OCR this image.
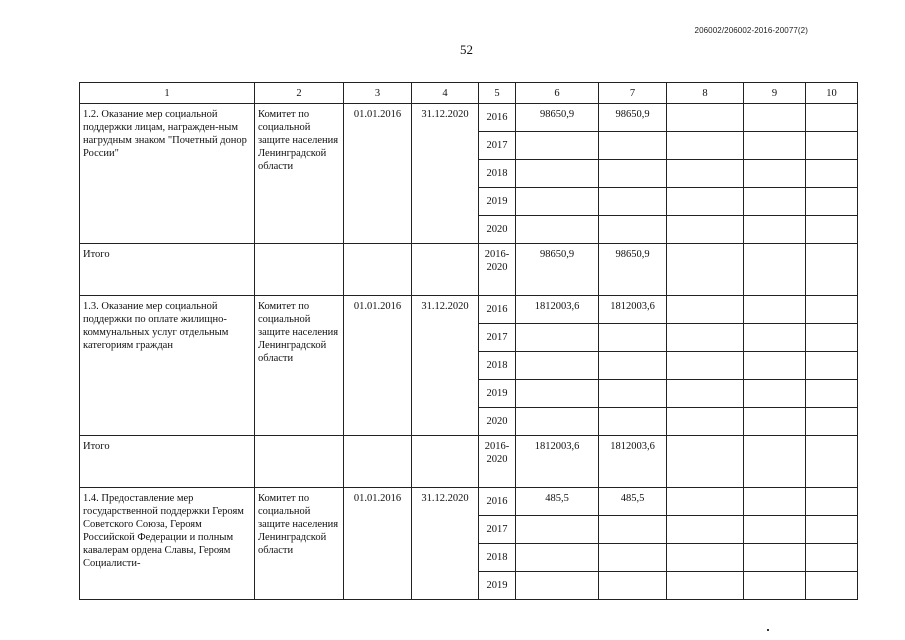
206002/206002-2016-20077(2)
52
1	2	3	4	5	6	7	8	9	10
1.2. Оказание мер социальной поддержки лицам, награжден-ным нагрудным знаком "Почетный донор России"	Комитет по социальной защите населения Ленинградской области	01.01.2016	31.12.2020	2016	98650,9	98650,9			
				2017					
				2018					
				2019					
				2020					
Итого				2016-2020	98650,9	98650,9			
1.3. Оказание мер социальной поддержки по оплате жилищно-коммунальных услуг отдельным категориям граждан	Комитет по социальной защите населения Ленинградской области	01.01.2016	31.12.2020	2016	1812003,6	1812003,6			
				2017					
				2018					
				2019					
				2020					
Итого				2016-2020	1812003,6	1812003,6			
1.4. Предоставление мер государственной поддержки Героям Советского Союза, Героям Российской Федерации и полным кавалерам ордена Славы, Героям Социалисти-	Комитет по социальной защите населения Ленинградской области	01.01.2016	31.12.2020	2016	485,5	485,5			
				2017					
				2018					
				2019					
